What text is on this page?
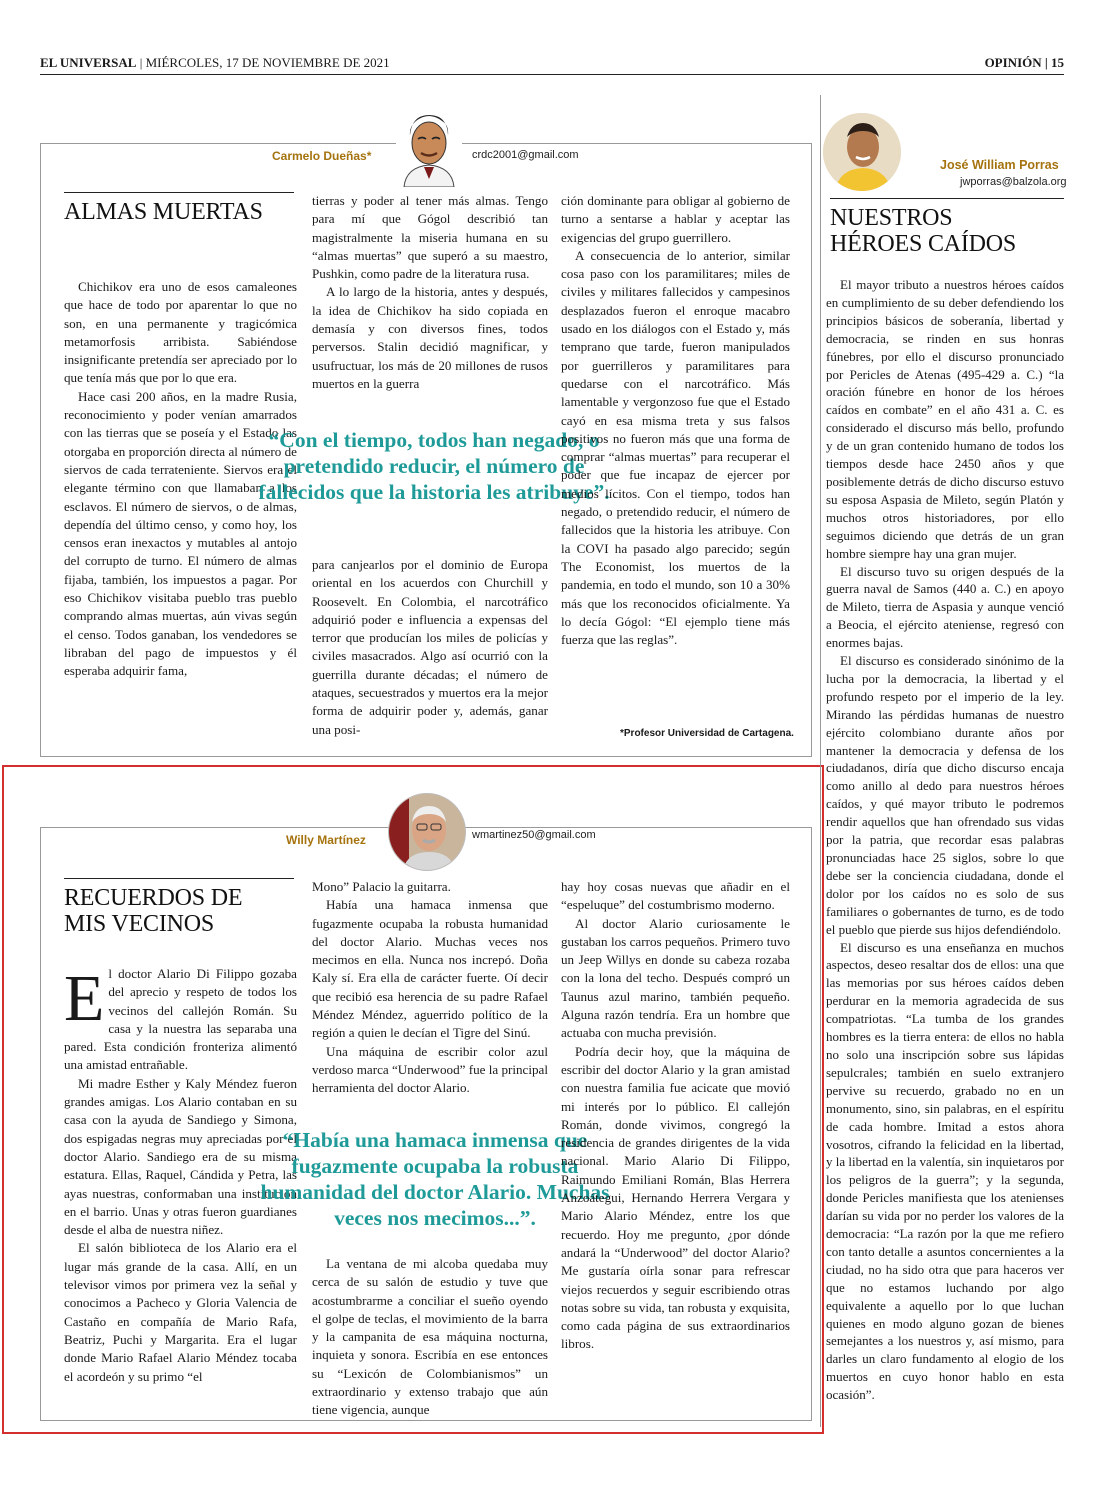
EL UNIVERSAL | MIÉRCOLES, 17 DE NOVIEMBRE DE 2021	OPINIÓN | 15
Carmelo Dueñas*	crdc2001@gmail.com
ALMAS MUERTAS

Chichikov era uno de esos camaleones que hace de todo por aparentar lo que no son, en una permanente y tragicómica metamorfosis arribista. Sabiéndose insignificante pretendía ser apreciado por lo que tenía más que por lo que era.

Hace casi 200 años, en la madre Rusia, reconocimiento y poder venían amarrados con las tierras que se poseía y el Estado las otorgaba en proporción directa al número de siervos de cada terrateniente. Siervos era el elegante término con que llamaban a los esclavos. El número de siervos, o de almas, dependía del último censo, y como hoy, los censos eran inexactos y mutables al antojo del corrupto de turno. El número de almas fijaba, también, los impuestos a pagar. Por eso Chichikov visitaba pueblo tras pueblo comprando almas muertas, aún vivas según el censo. Todos ganaban, los vendedores se libraban del pago de impuestos y él esperaba adquirir fama,

tierras y poder al tener más almas. Tengo para mí que Gógol describió tan magistralmente la miseria humana en su “almas muertas” que superó a su maestro, Pushkin, como padre de la literatura rusa.

A lo largo de la historia, antes y después, la idea de Chichikov ha sido copiada en demasía y con diversos fines, todos perversos. Stalin decidió magnificar, y usufructuar, los más de 20 millones de rusos muertos en la guerra

“Con el tiempo, todos han negado, o pretendido reducir, el número de fallecidos que la historia les atribuye”.

para canjearlos por el dominio de Europa oriental en los acuerdos con Churchill y Roosevelt. En Colombia, el narcotráfico adquirió poder e influencia a expensas del terror que producían los miles de policías y civiles masacrados. Algo así ocurrió con la guerrilla durante décadas; el número de ataques, secuestrados y muertos era la mejor forma de adquirir poder y, además, ganar una posi-

ción dominante para obligar al gobierno de turno a sentarse a hablar y aceptar las exigencias del grupo guerrillero.

A consecuencia de lo anterior, similar cosa paso con los paramilitares; miles de civiles y militares fallecidos y campesinos desplazados fueron el enroque macabro usado en los diálogos con el Estado y, más temprano que tarde, fueron manipulados por guerrilleros y paramilitares para quedarse con el narcotráfico. Más lamentable y vergonzoso fue que el Estado cayó en esa misma treta y sus falsos positivos no fueron más que una forma de comprar “almas muertas” para recuperar el poder que fue incapaz de ejercer por medios lícitos. Con el tiempo, todos han negado, o pretendido reducir, el número de fallecidos que la historia les atribuye. Con la COVI ha pasado algo parecido; según The Economist, los muertos de la pandemia, en todo el mundo, son 10 a 30% más que los reconocidos oficialmente. Ya lo decía Gógol: “El ejemplo tiene más fuerza que las reglas”.

*Profesor Universidad de Cartagena.
Willy Martínez	wmartinez50@gmail.com
RECUERDOS DE
MIS VECINOS

El doctor Alario Di Filippo gozaba del aprecio y respeto de todos los vecinos del callejón Román. Su casa y la nuestra las separaba una pared. Esta condición fronteriza alimentó una amistad entrañable.

Mi madre Esther y Kaly Méndez fueron grandes amigas. Los Alario contaban en su casa con la ayuda de Sandiego y Simona, dos espigadas negras muy apreciadas por el doctor Alario. Sandiego era de su misma estatura. Ellas, Raquel, Cándida y Petra, las ayas nuestras, conformaban una institución en el barrio. Unas y otras fueron guardianes desde el alba de nuestra niñez.

El salón biblioteca de los Alario era el lugar más grande de la casa. Allí, en un televisor vimos por primera vez la señal y conocimos a Pacheco y Gloria Valencia de Castaño en compañía de Mario Rafa, Beatriz, Puchi y Margarita. Era el lugar donde Mario Rafael Alario Méndez tocaba el acordeón y su primo “el

Mono” Palacio la guitarra.

Había una hamaca inmensa que fugazmente ocupaba la robusta humanidad del doctor Alario. Muchas veces nos mecimos en ella. Nunca nos increpó. Doña Kaly sí. Era ella de carácter fuerte. Oí decir que recibió esa herencia de su padre Rafael Méndez Méndez, aguerrido político de la región a quien le decían el Tigre del Sinú.

Una máquina de escribir color azul verdoso marca “Underwood” fue la principal herramienta del doctor Alario.

“Había una hamaca inmensa que fugazmente ocupaba la robusta humanidad del doctor Alario. Muchas veces nos mecimos...”.

La ventana de mi alcoba quedaba muy cerca de su salón de estudio y tuve que acostumbrarme a conciliar el sueño oyendo el golpe de teclas, el movimiento de la barra y la campanita de esa máquina nocturna, inquieta y sonora. Escribía en ese entonces su “Lexicón de Colombianismos” un extraordinario y extenso trabajo que aún tiene vigencia, aunque

hay hoy cosas nuevas que añadir en el “espeluque” del costumbrismo moderno.

Al doctor Alario curiosamente le gustaban los carros pequeños. Primero tuvo un Jeep Willys en donde su cabeza rozaba con la lona del techo. Después compró un Taunus azul marino, también pequeño. Alguna razón tendría. Era un hombre que actuaba con mucha previsión.

Podría decir hoy, que la máquina de escribir del doctor Alario y la gran amistad con nuestra familia fue acicate que movió mi interés por lo público. El callejón Román, donde vivimos, congregó la residencia de grandes dirigentes de la vida nacional. Mario Alario Di Filippo, Raimundo Emiliani Román, Blas Herrera Anzoátegui, Hernando Herrera Vergara y Mario Alario Méndez, entre los que recuerdo. Hoy me pregunto, ¿por dónde andará la “Underwood” del doctor Alario? Me gustaría oírla sonar para refrescar viejos recuerdos y seguir escribiendo otras notas sobre su vida, tan robusta y exquisita, como cada página de sus extraordinarios libros.

José William Porras
jwporras@balzola.org
NUESTROS
HÉROES CAÍDOS

El mayor tributo a nuestros héroes caídos en cumplimiento de su deber defendiendo los principios básicos de soberanía, libertad y democracia, se rinden en sus honras fúnebres, por ello el discurso pronunciado por Pericles de Atenas (495-429 a. C.) “la oración fúnebre en honor de los héroes caídos en combate” en el año 431 a. C. es considerado el discurso más bello, profundo y de un gran contenido humano de todos los tiempos desde hace 2450 años y que posiblemente detrás de dicho discurso estuvo su esposa Aspasia de Mileto, según Platón y muchos otros historiadores, por ello seguimos diciendo que detrás de un gran hombre siempre hay una gran mujer.

El discurso tuvo su origen después de la guerra naval de Samos (440 a. C.) en apoyo de Mileto, tierra de Aspasia y aunque venció a Beocia, el ejército ateniense, regresó con enormes bajas.

El discurso es considerado sinónimo de la lucha por la democracia, la libertad y el profundo respeto por el imperio de la ley. Mirando las pérdidas humanas de nuestro ejército colombiano durante años por mantener la democracia y defensa de los ciudadanos, diría que dicho discurso encaja como anillo al dedo para nuestros héroes caídos, y qué mayor tributo le podremos rendir aquellos que han ofrendado sus vidas por la patria, que recordar esas palabras pronunciadas hace 25 siglos, sobre lo que debe ser la conciencia ciudadana, donde el dolor por los caídos no es solo de sus familiares o gobernantes de turno, es de todo el pueblo que pierde sus hijos defendiéndolo.

El discurso es una enseñanza en muchos aspectos, deseo resaltar dos de ellos: una que las memorias por sus héroes caídos deben perdurar en la memoria agradecida de sus compatriotas. “La tumba de los grandes hombres es la tierra entera: de ellos no habla no solo una inscripción sobre sus lápidas sepulcrales; también en suelo extranjero pervive su recuerdo, grabado no en un monumento, sino, sin palabras, en el espíritu de cada hombre. Imitad a estos ahora vosotros, cifrando la felicidad en la libertad, y la libertad en la valentía, sin inquietaros por los peligros de la guerra”; y la segunda, donde Pericles manifiesta que los atenienses darían su vida por no perder los valores de la democracia: “La razón por la que me refiero con tanto detalle a asuntos concernientes a la ciudad, no ha sido otra que para haceros ver que no estamos luchando por algo equivalente a aquello por lo que luchan quienes en modo alguno gozan de bienes semejantes a los nuestros y, así mismo, para darles un claro fundamento al elogio de los muertos en cuyo honor hablo en esta ocasión”.
